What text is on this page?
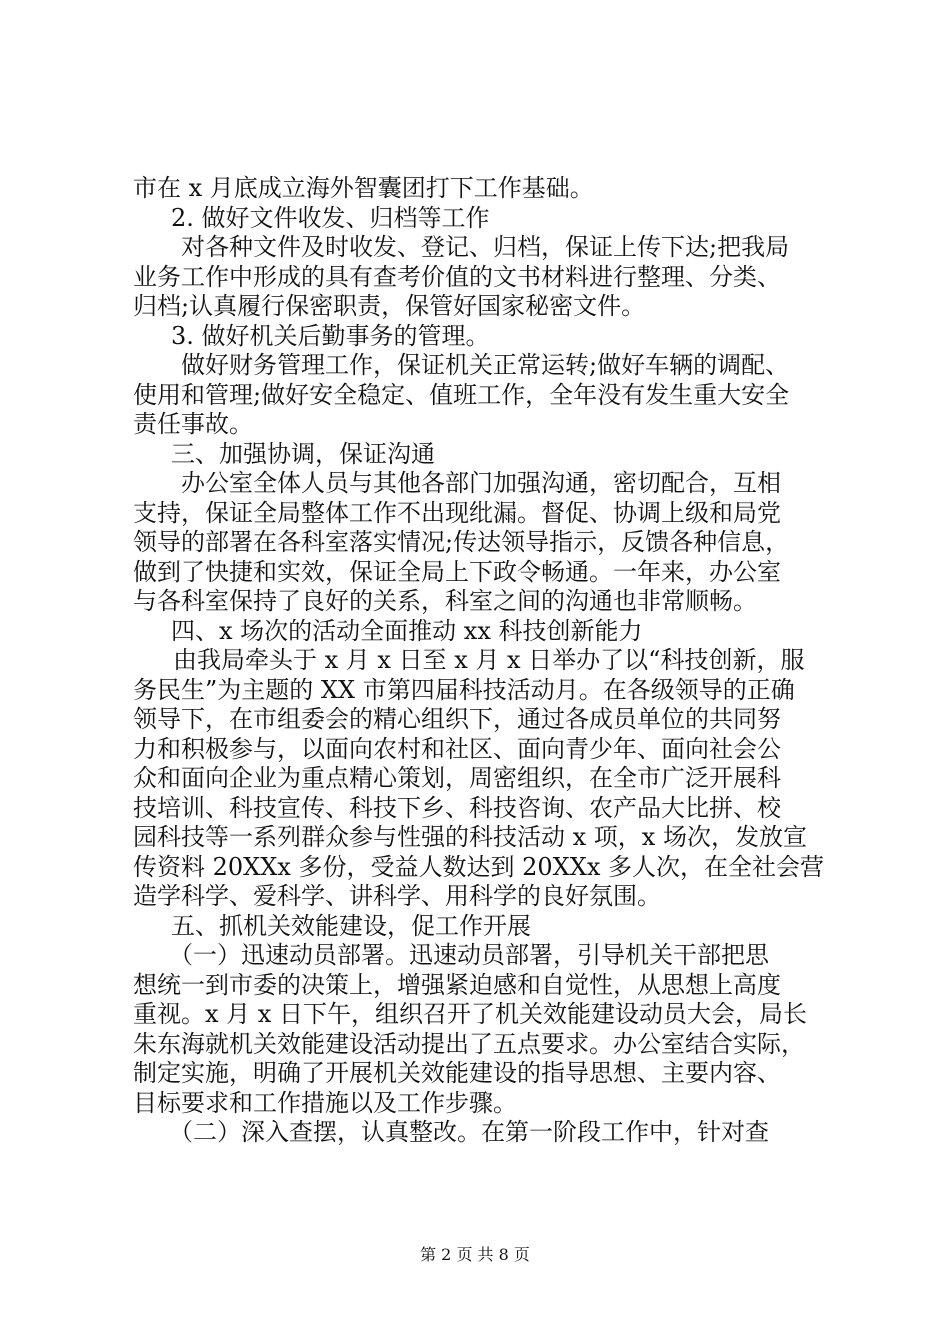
市在 x 月底成立海外智囊团打下工作基础。
2. 做好文件收发、归档等工作
对各种文件及时收发、登记、归档，保证上传下达;把我局
业务工作中形成的具有查考价值的文书材料进行整理、分类、
归档;认真履行保密职责，保管好国家秘密文件。
3. 做好机关后勤事务的管理。
做好财务管理工作，保证机关正常运转;做好车辆的调配、
使用和管理;做好安全稳定、值班工作，全年没有发生重大安全
责任事故。
三、加强协调，保证沟通
办公室全体人员与其他各部门加强沟通，密切配合，互相
支持，保证全局整体工作不出现纰漏。督促、协调上级和局党
领导的部署在各科室落实情况;传达领导指示，反馈各种信息，
做到了快捷和实效，保证全局上下政令畅通。一年来，办公室
与各科室保持了良好的关系，科室之间的沟通也非常顺畅。
四、x 场次的活动全面推动 xx 科技创新能力
由我局牵头于 x 月 x 日至 x 月 x 日举办了以“科技创新，服
务民生”为主题的 XX 市第四届科技活动月。在各级领导的正确
领导下，在市组委会的精心组织下，通过各成员单位的共同努
力和积极参与，以面向农村和社区、面向青少年、面向社会公
众和面向企业为重点精心策划，周密组织，在全市广泛开展科
技培训、科技宣传、科技下乡、科技咨询、农产品大比拼、校
园科技等一系列群众参与性强的科技活动 x 项，x 场次，发放宣
传资料 20XXx 多份，受益人数达到 20XXx 多人次，在全社会营
造学科学、爱科学、讲科学、用科学的良好氛围。
五、抓机关效能建设，促工作开展
（一）迅速动员部署。迅速动员部署，引导机关干部把思
想统一到市委的决策上，增强紧迫感和自觉性，从思想上高度
重视。x 月 x 日下午，组织召开了机关效能建设动员大会，局长
朱东海就机关效能建设活动提出了五点要求。办公室结合实际，
制定实施，明确了开展机关效能建设的指导思想、主要内容、
目标要求和工作措施以及工作步骤。
（二）深入查摆，认真整改。在第一阶段工作中，针对查
第 2 页 共 8 页
